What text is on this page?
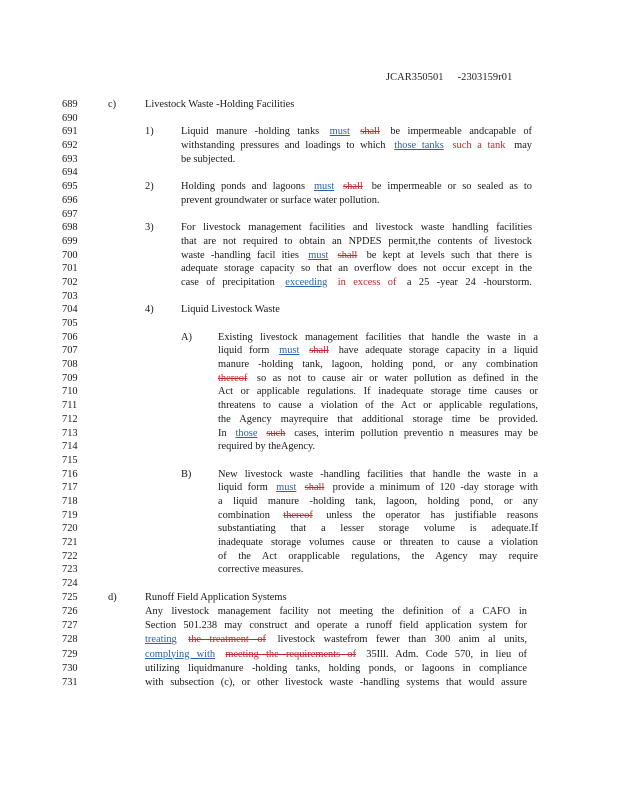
JCAR350501 -2303159r01
689	c)	Livestock Waste -Holding Facilities
690
691	1)	Liquid manure -holding tanks must shall be impermeable andcapable of
692	withstanding pressures and loadings to which those tanks such a tank may
693	be subjected.
694
695	2)	Holding ponds and lagoons must shall be impermeable or so sealed as to
696	prevent groundwater or surface water pollution.
697
698	3)	For livestock management facilities and livestock waste handling facilities
699	that are not required to obtain an NPDES permit,the contents of livestock
700	waste -handling facil ities must shall be kept at levels such that there is
701	adequate storage capacity so that an overflow does not occur except in the
702	case of precipitation exceeding in excess of a 25 -year 24 -hourstorm.
703
704	4)	Liquid Livestock Waste
705
706	A)	Existing livestock management facilities that handle the waste in a
707	liquid form must shall have adequate storage capacity in a liquid
708	manure -holding tank, lagoon, holding pond, or any combination
709	thereof so as not to cause air or water pollution as defined in the
710	Act or applicable regulations. If inadequate storage time causes or
711	threatens to cause a violation of the Act or applicable regulations,
712	the Agency mayrequire that additional storage time be provided.
713	In those such cases, interim pollution preventio n measures may be
714	required by theAgency.
715
716	B)	New livestock waste -handling facilities that handle the waste in a
717	liquid form must shall provide a minimum of 120 -day storage with
718	a liquid manure -holding tank, lagoon, holding pond, or any
719	combination thereof unless the operator has justifiable reasons
720	substantiating that a lesser storage volume is adequate.If
721	inadequate storage volumes cause or threaten to cause a violation
722	of the Act orapplicable regulations, the Agency may require
723	corrective measures.
724
725	d)	Runoff Field Application Systems
726	Any livestock management facility not meeting the definition of a CAFO in
727	Section 501.238 may construct and operate a runoff field application system for
728	treating the treatment of livestock wastefrom fewer than 300 anim al units,
729	complying with meeting the requirements of 35Ill. Adm. Code 570, in lieu of
730	utilizing liquidmanure -holding tanks, holding ponds, or lagoons in compliance
731	with subsection (c), or other livestock waste -handling systems that would assure
